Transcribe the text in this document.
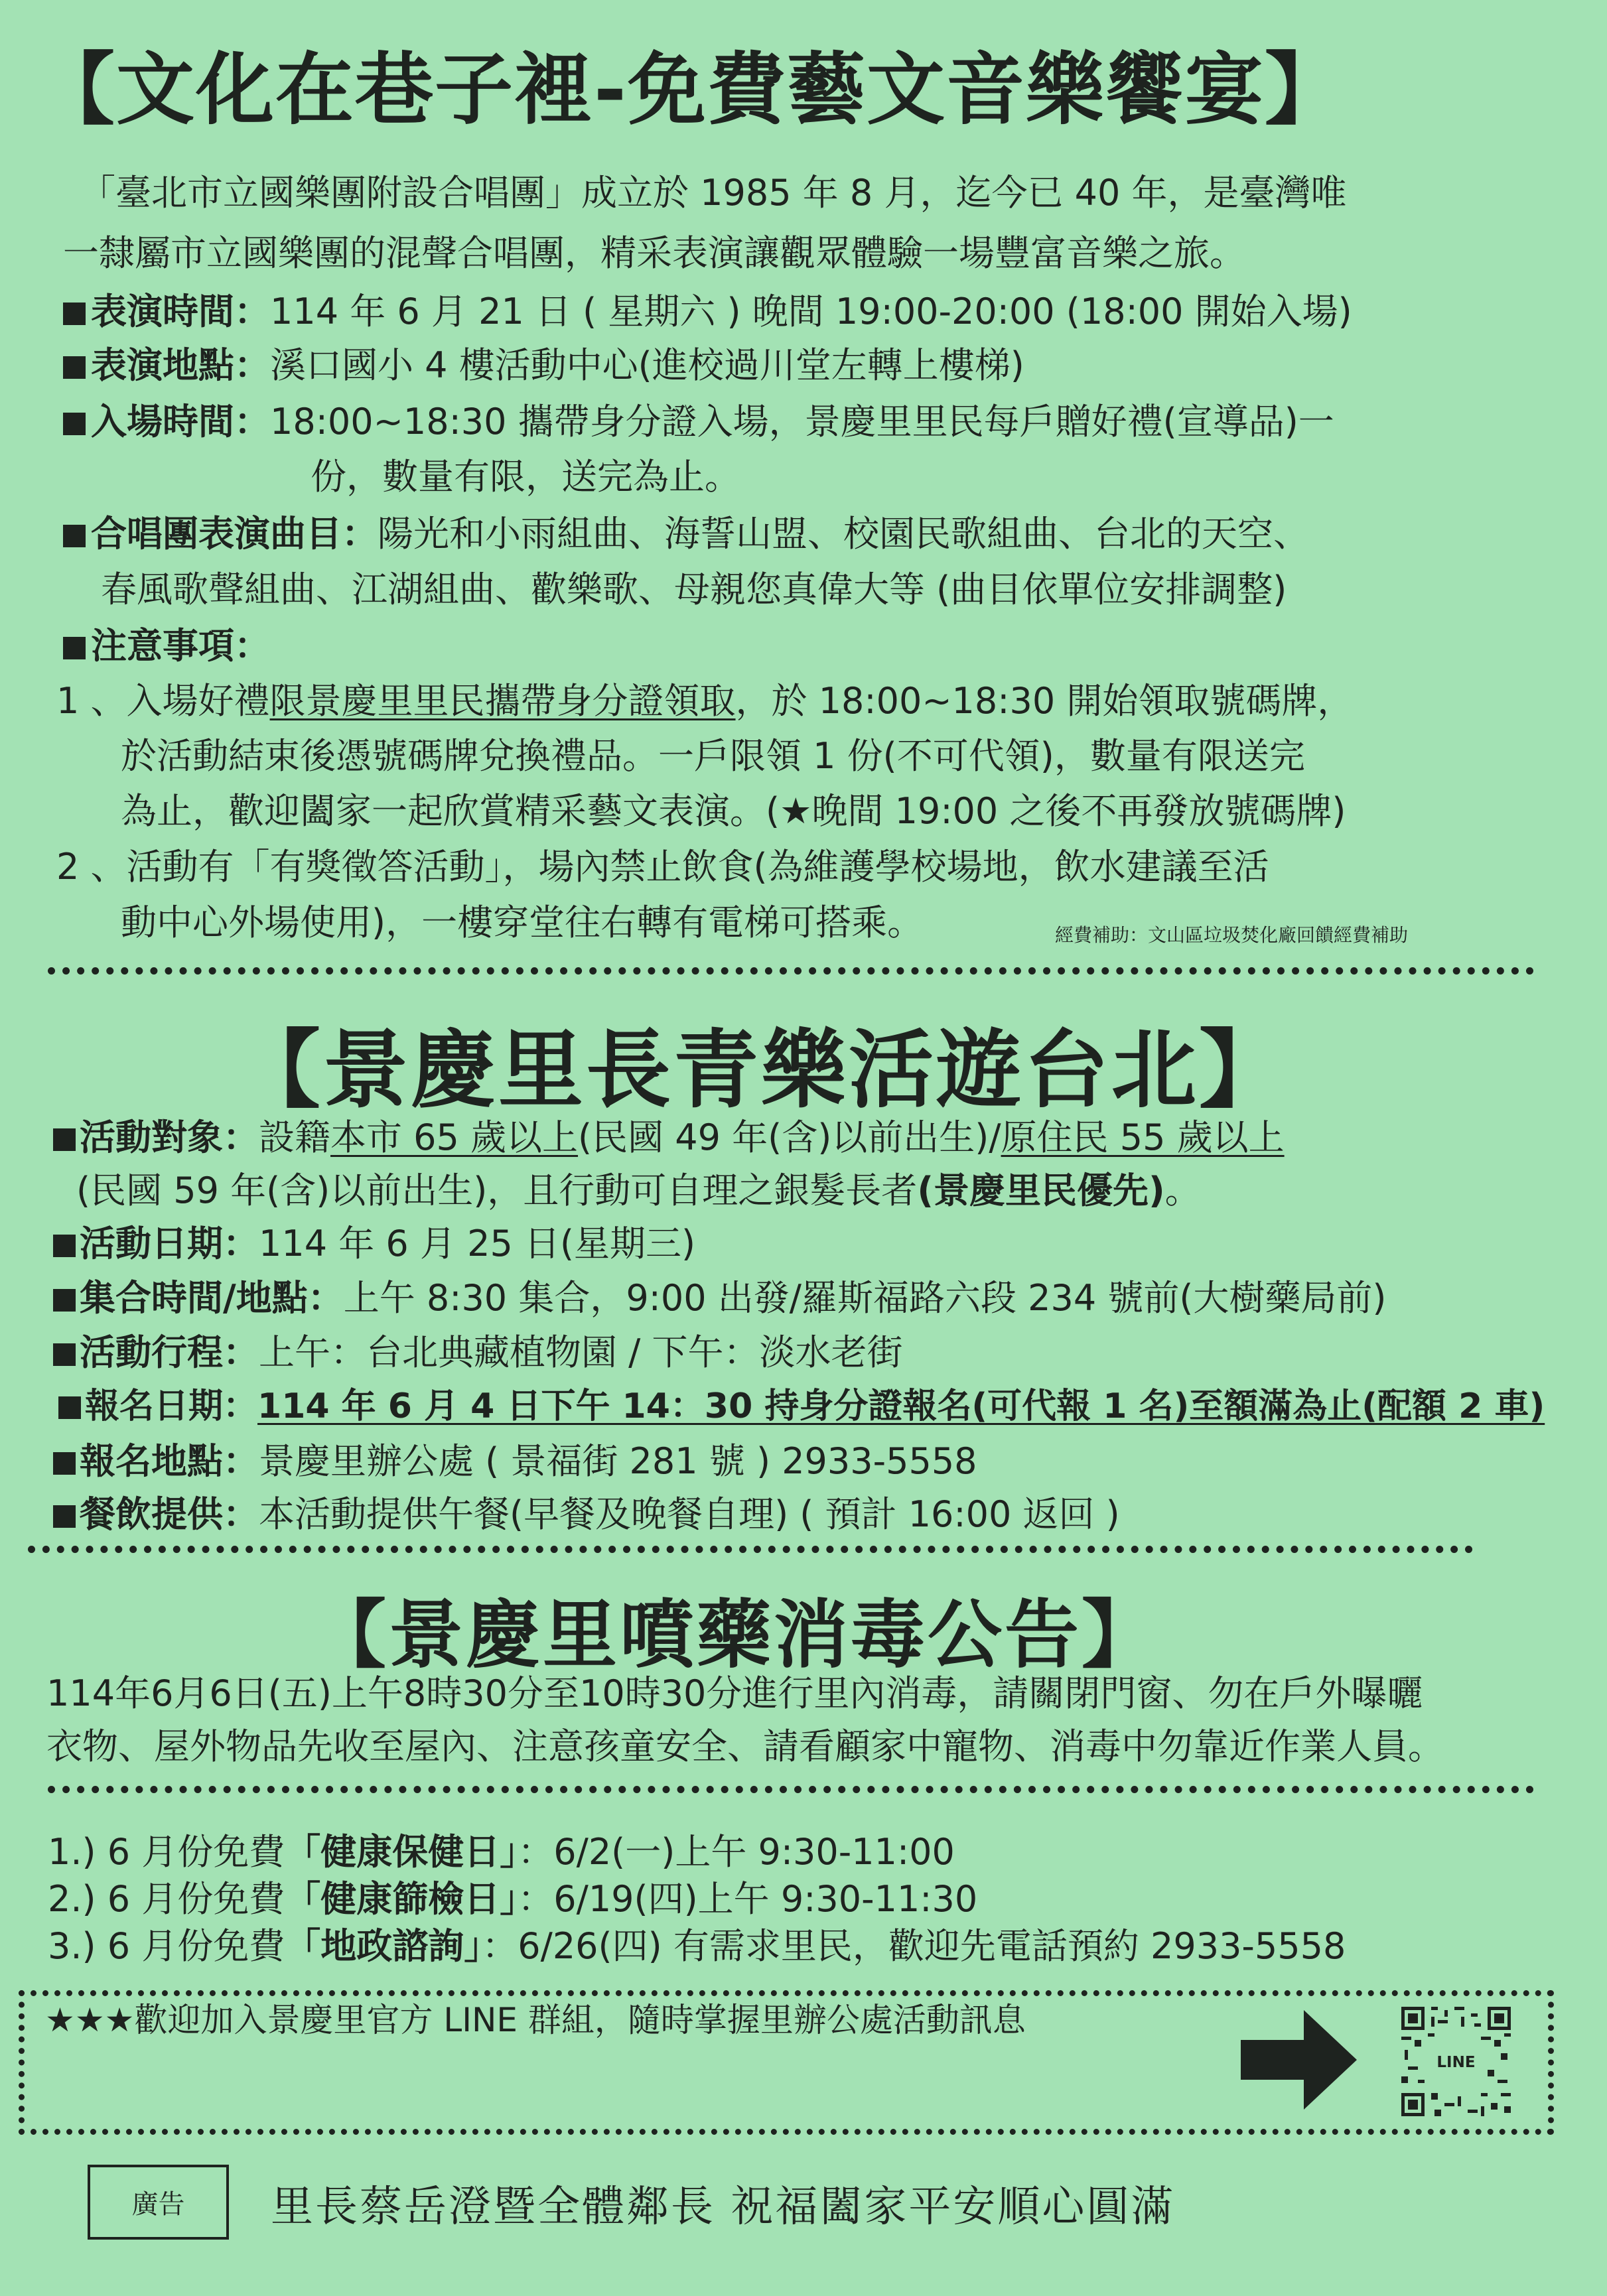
【文化在巷子裡-免費藝文音樂饗宴】
「臺北市立國樂團附設合唱團」成立於 1985 年 8 月，迄今已 40 年，是臺灣唯
一隸屬市立國樂團的混聲合唱團，精采表演讓觀眾體驗一場豐富音樂之旅。
表演時間：114 年 6 月 21 日 ( 星期六 ) 晚間 19:00-20:00 (18:00 開始入場)
表演地點：溪口國小 4 樓活動中心(進校過川堂左轉上樓梯)
入場時間：18:00~18:30 攜帶身分證入場，景慶里里民每戶贈好禮(宣導品)一
份，數量有限，送完為止。
合唱團表演曲目：陽光和小雨組曲、海誓山盟、校園民歌組曲、台北的天空、
春風歌聲組曲、江湖組曲、歡樂歌、母親您真偉大等 (曲目依單位安排調整)
注意事項：
1 、入場好禮限景慶里里民攜帶身分證領取，於 18:00~18:30 開始領取號碼牌，
於活動結束後憑號碼牌兌換禮品。一戶限領 1 份(不可代領)，數量有限送完
為止，歡迎闔家一起欣賞精采藝文表演。(★晚間 19:00 之後不再發放號碼牌)
2 、活動有「有獎徵答活動」，場內禁止飲食(為維護學校場地，飲水建議至活
動中心外場使用)，一樓穿堂往右轉有電梯可搭乘。	經費補助：文山區垃圾焚化廠回饋經費補助
【景慶里長青樂活遊台北】
活動對象：設籍本市 65 歲以上(民國 49 年(含)以前出生)/原住民 55 歲以上
(民國 59 年(含)以前出生)，且行動可自理之銀髮長者(景慶里民優先)。
活動日期：114 年 6 月 25 日(星期三)
集合時間/地點：上午 8:30 集合，9:00 出發/羅斯福路六段 234 號前(大樹藥局前)
活動行程：上午：台北典藏植物園 / 下午：淡水老街
報名日期：114 年 6 月 4 日下午 14：30 持身分證報名(可代報 1 名)至額滿為止(配額 2 車)
報名地點：景慶里辦公處 ( 景福街 281 號 ) 2933-5558
餐飲提供：本活動提供午餐(早餐及晚餐自理) ( 預計 16:00 返回 )
【景慶里噴藥消毒公告】
114年6月6日(五)上午8時30分至10時30分進行里內消毒，請關閉門窗、勿在戶外曝曬
衣物、屋外物品先收至屋內、注意孩童安全、請看顧家中寵物、消毒中勿靠近作業人員。
1.) 6 月份免費「健康保健日」：6/2(一)上午 9:30-11:00
2.) 6 月份免費「健康篩檢日」：6/19(四)上午 9:30-11:30
3.) 6 月份免費「地政諮詢」：6/26(四) 有需求里民，歡迎先電話預約 2933-5558
★★★歡迎加入景慶里官方 LINE 群組，隨時掌握里辦公處活動訊息
LINE
廣告	里長蔡岳澄暨全體鄰長 祝福闔家平安順心圓滿
